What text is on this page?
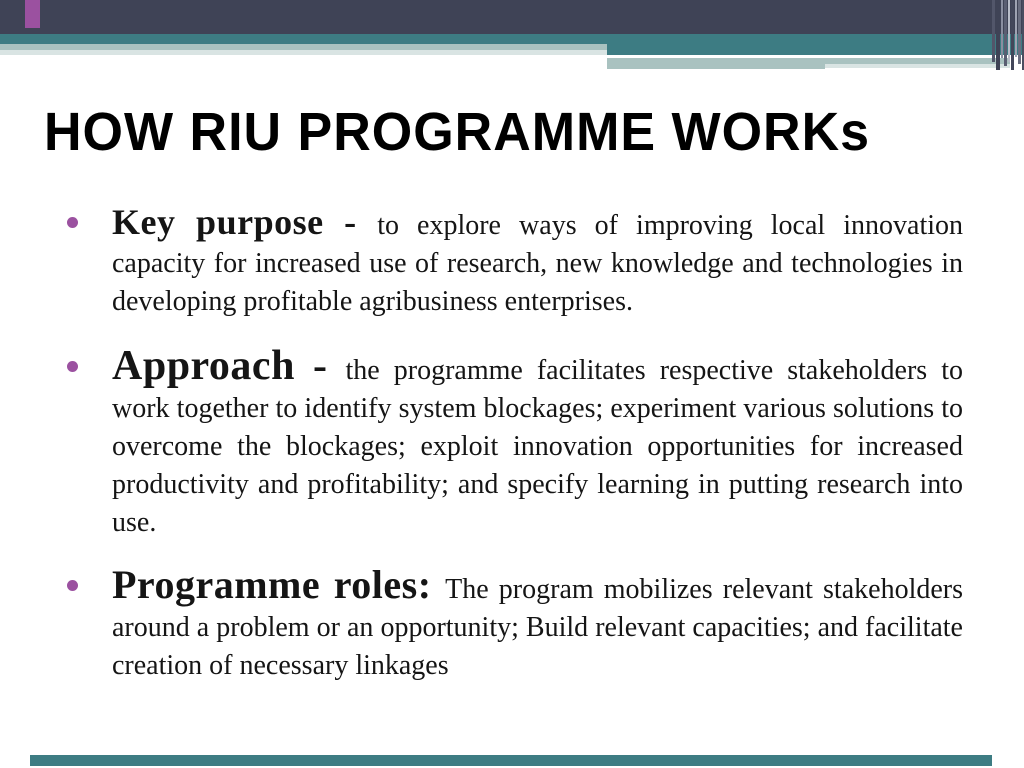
HOW RIU PROGRAMME WORKs

Key purpose - to explore ways of improving local innovation capacity for increased use of research, new knowledge and technologies in developing profitable agribusiness enterprises.

Approach - the programme facilitates respective stakeholders to work together to identify system blockages; experiment various solutions to overcome the blockages; exploit innovation opportunities for increased productivity and profitability; and specify learning in putting research into use.

Programme roles: The program mobilizes relevant stakeholders around a problem or an opportunity; Build relevant capacities; and facilitate creation of necessary linkages
